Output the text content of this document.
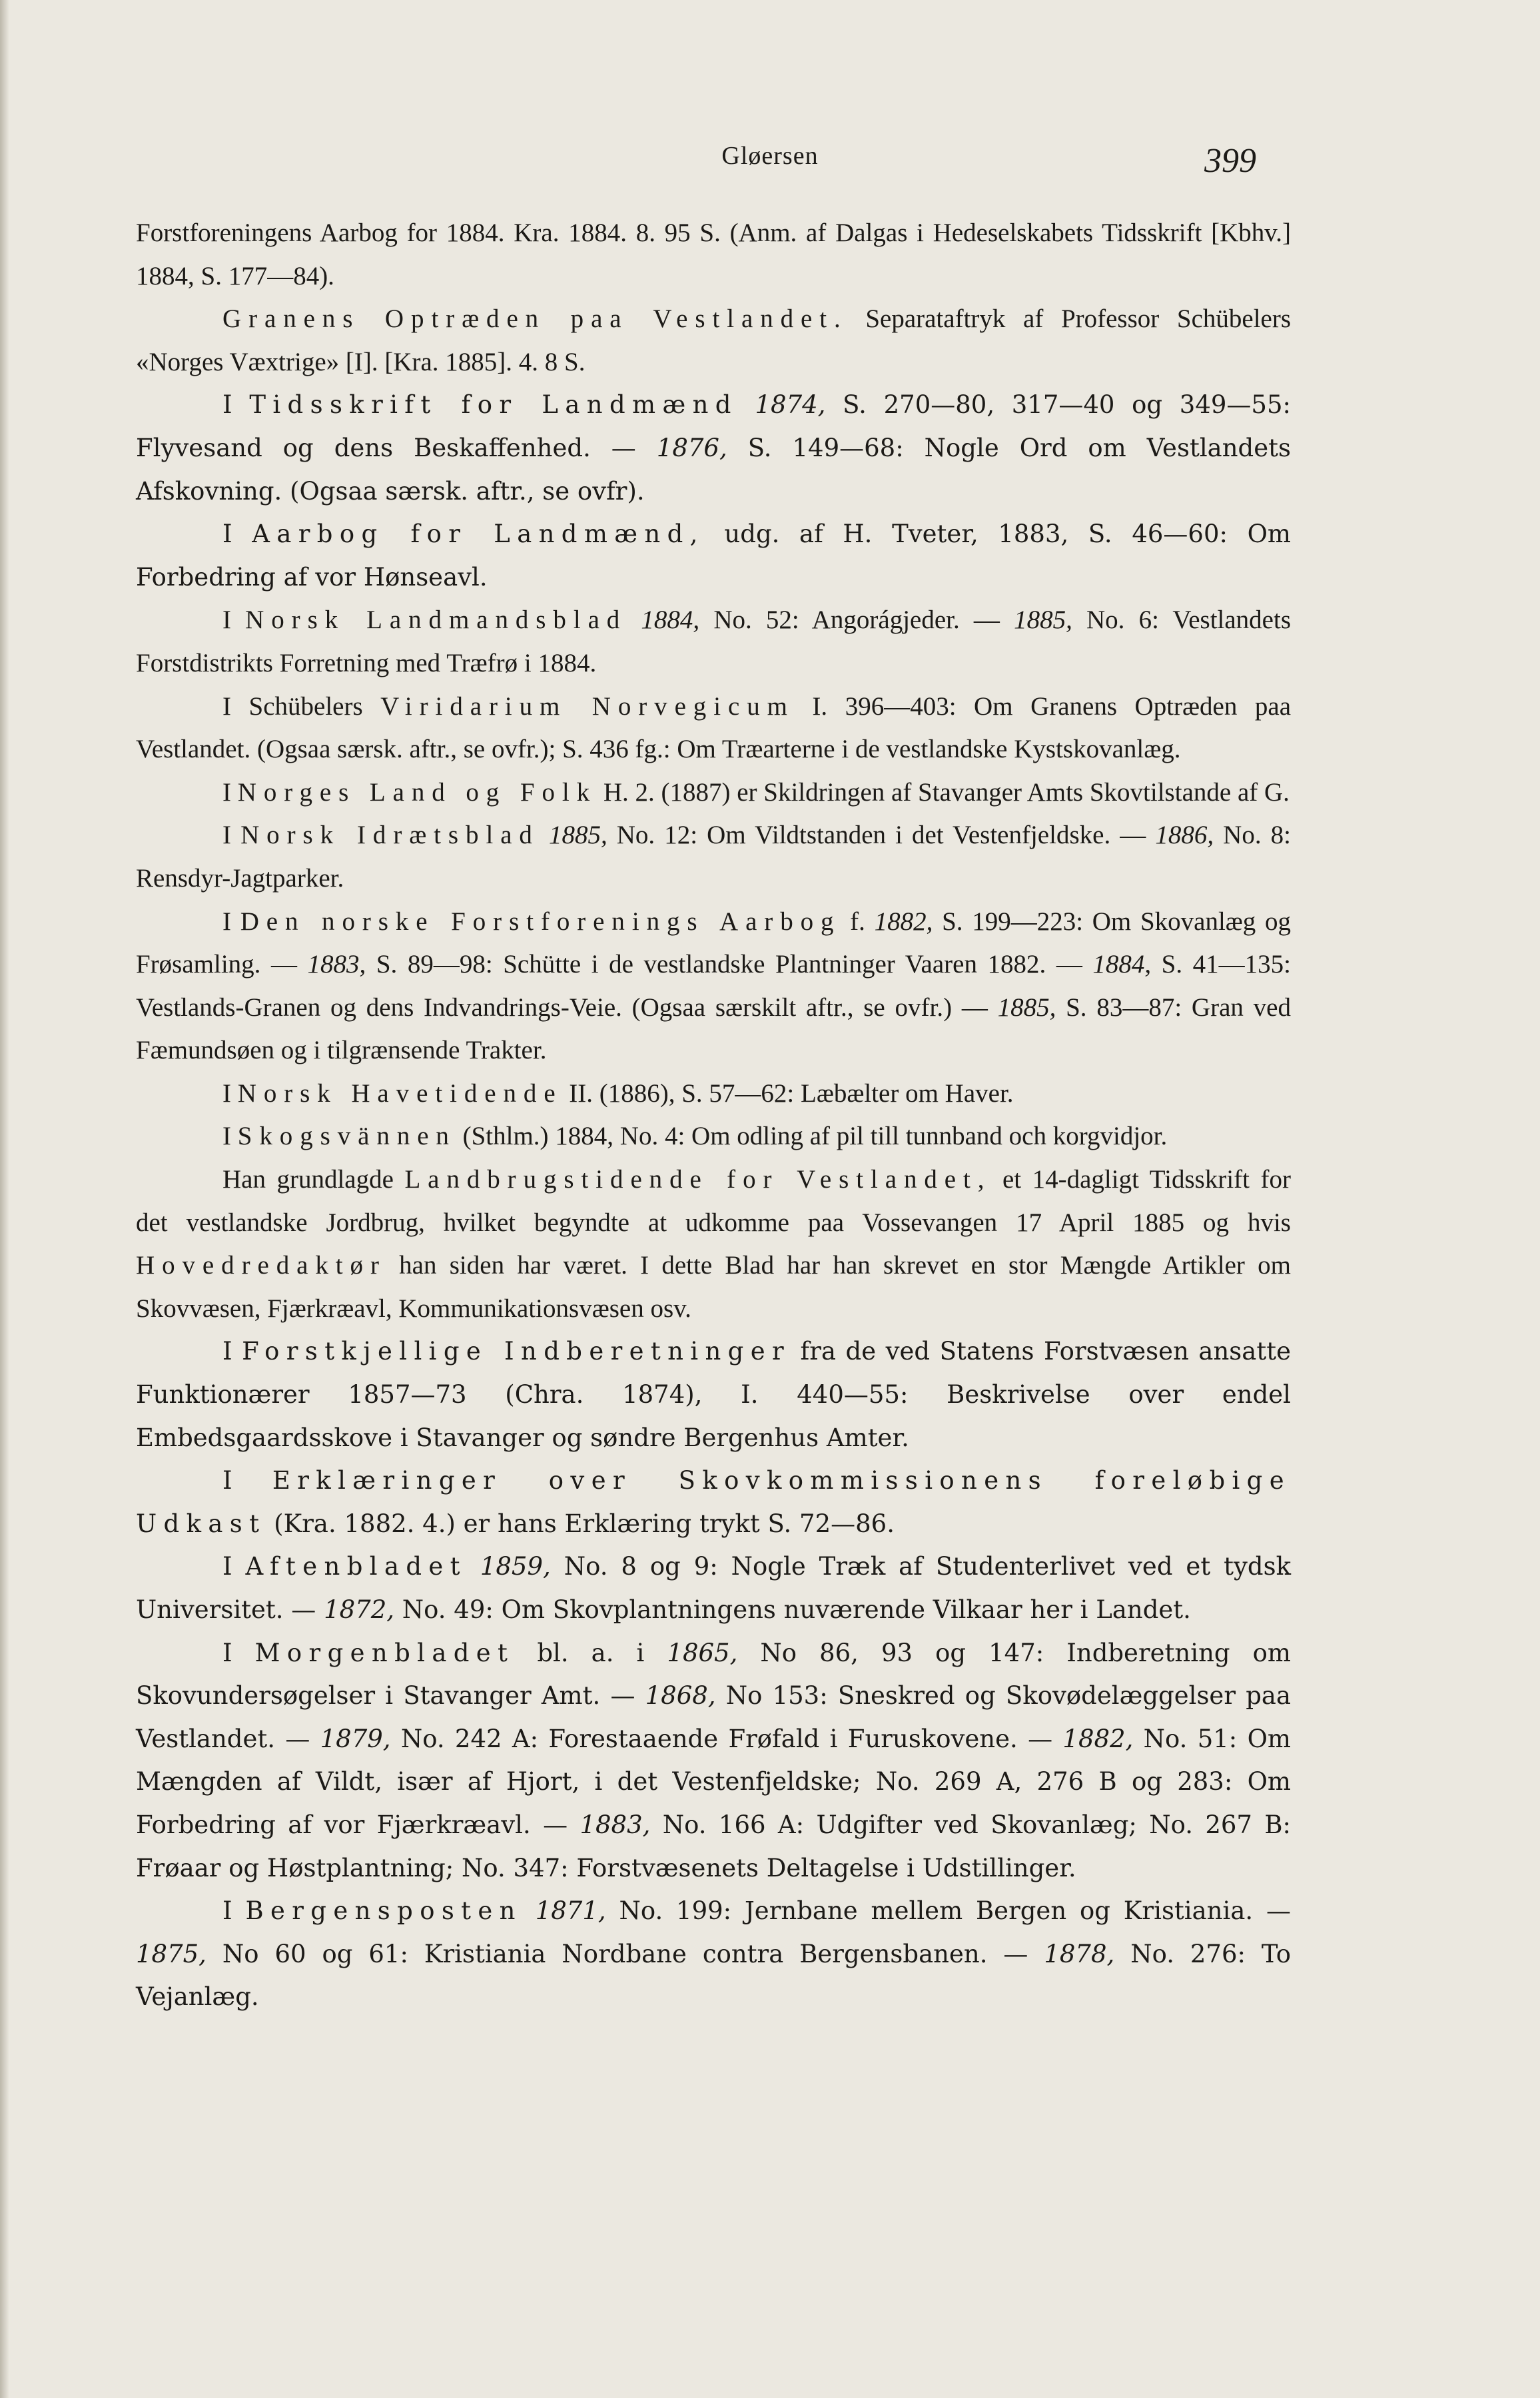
Gløersen	399

Forstforeningens Aarbog for 1884. Kra. 1884. 8. 95 S. (Anm. af Dalgas i Hedeselskabets Tidsskrift [Kbhv.] 1884, S. 177—84).

Granens Optræden paa Vestlandet. Separataftryk af Professor Schübelers «Norges Væxtrige» [I]. [Kra. 1885]. 4. 8 S.

I Tidsskrift for Landmænd 1874, S. 270—80, 317—40 og 349—55: Flyvesand og dens Beskaffenhed. — 1876, S. 149—68: Nogle Ord om Vestlandets Afskovning. (Ogsaa særsk. aftr., se ovfr).

I Aarbog for Landmænd, udg. af H. Tveter, 1883, S. 46—60: Om Forbedring af vor Hønseavl.

I Norsk Landmandsblad 1884, No. 52: Angorágjeder. — 1885, No. 6: Vestlandets Forstdistrikts Forretning med Træfrø i 1884.

I Schübelers Viridarium Norvegicum I. 396—403: Om Granens Optræden paa Vestlandet. (Ogsaa særsk. aftr., se ovfr.); S. 436 fg.: Om Træarterne i de vestlandske Kystskovanlæg.

I Norges Land og Folk H. 2. (1887) er Skildringen af Stavanger Amts Skovtilstande af G.

I Norsk Idrætsblad 1885, No. 12: Om Vildtstanden i det Vestenfjeldske. — 1886, No. 8: Rensdyr-Jagtparker.

I Den norske Forstforenings Aarbog f. 1882, S. 199—223: Om Skovanlæg og Frøsamling. — 1883, S. 89—98: Schütte i de vestlandske Plantninger Vaaren 1882. — 1884, S. 41—135: Vestlands-Granen og dens Indvandrings-Veie. (Ogsaa særskilt aftr., se ovfr.) — 1885, S. 83—87: Gran ved Fæmundsøen og i tilgrænsende Trakter.

I Norsk Havetidende II. (1886), S. 57—62: Læbælter om Haver.

I Skogsvännen (Sthlm.) 1884, No. 4: Om odling af pil till tunnband och korgvidjor.

Han grundlagde Landbrugstidende for Vestlandet, et 14-dagligt Tidsskrift for det vestlandske Jordbrug, hvilket begyndte at udkomme paa Vossevangen 17 April 1885 og hvis Hovedredaktør han siden har været. I dette Blad har han skrevet en stor Mængde Artikler om Skovvæsen, Fjærkræavl, Kommunikationsvæsen osv.

I Forstkjellige Indberetninger fra de ved Statens Forstvæsen ansatte Funktionærer 1857—73 (Chra. 1874), I. 440—55: Beskrivelse over endel Embedsgaardsskove i Stavanger og søndre Bergenhus Amter.

I Erklæringer over Skovkommissionens foreløbige Udkast (Kra. 1882. 4.) er hans Erklæring trykt S. 72—86.

I Aftenbladet 1859, No. 8 og 9: Nogle Træk af Studenterlivet ved et tydsk Universitet. — 1872, No. 49: Om Skovplantningens nuværende Vilkaar her i Landet.

I Morgenbladet bl. a. i 1865, No 86, 93 og 147: Indberetning om Skovundersøgelser i Stavanger Amt. — 1868, No 153: Sneskred og Skovødelæggelser paa Vestlandet. — 1879, No. 242 A: Forestaaende Frøfald i Furuskovene. — 1882, No. 51: Om Mængden af Vildt, især af Hjort, i det Vestenfjeldske; No. 269 A, 276 B og 283: Om Forbedring af vor Fjærkræavl. — 1883, No. 166 A: Udgifter ved Skovanlæg; No. 267 B: Frøaar og Høstplantning; No. 347: Forstvæsenets Deltagelse i Udstillinger.

I Bergensposten 1871, No. 199: Jernbane mellem Bergen og Kristiania. — 1875, No 60 og 61: Kristiania Nordbane contra Bergensbanen. — 1878, No. 276: To Vejanlæg.
